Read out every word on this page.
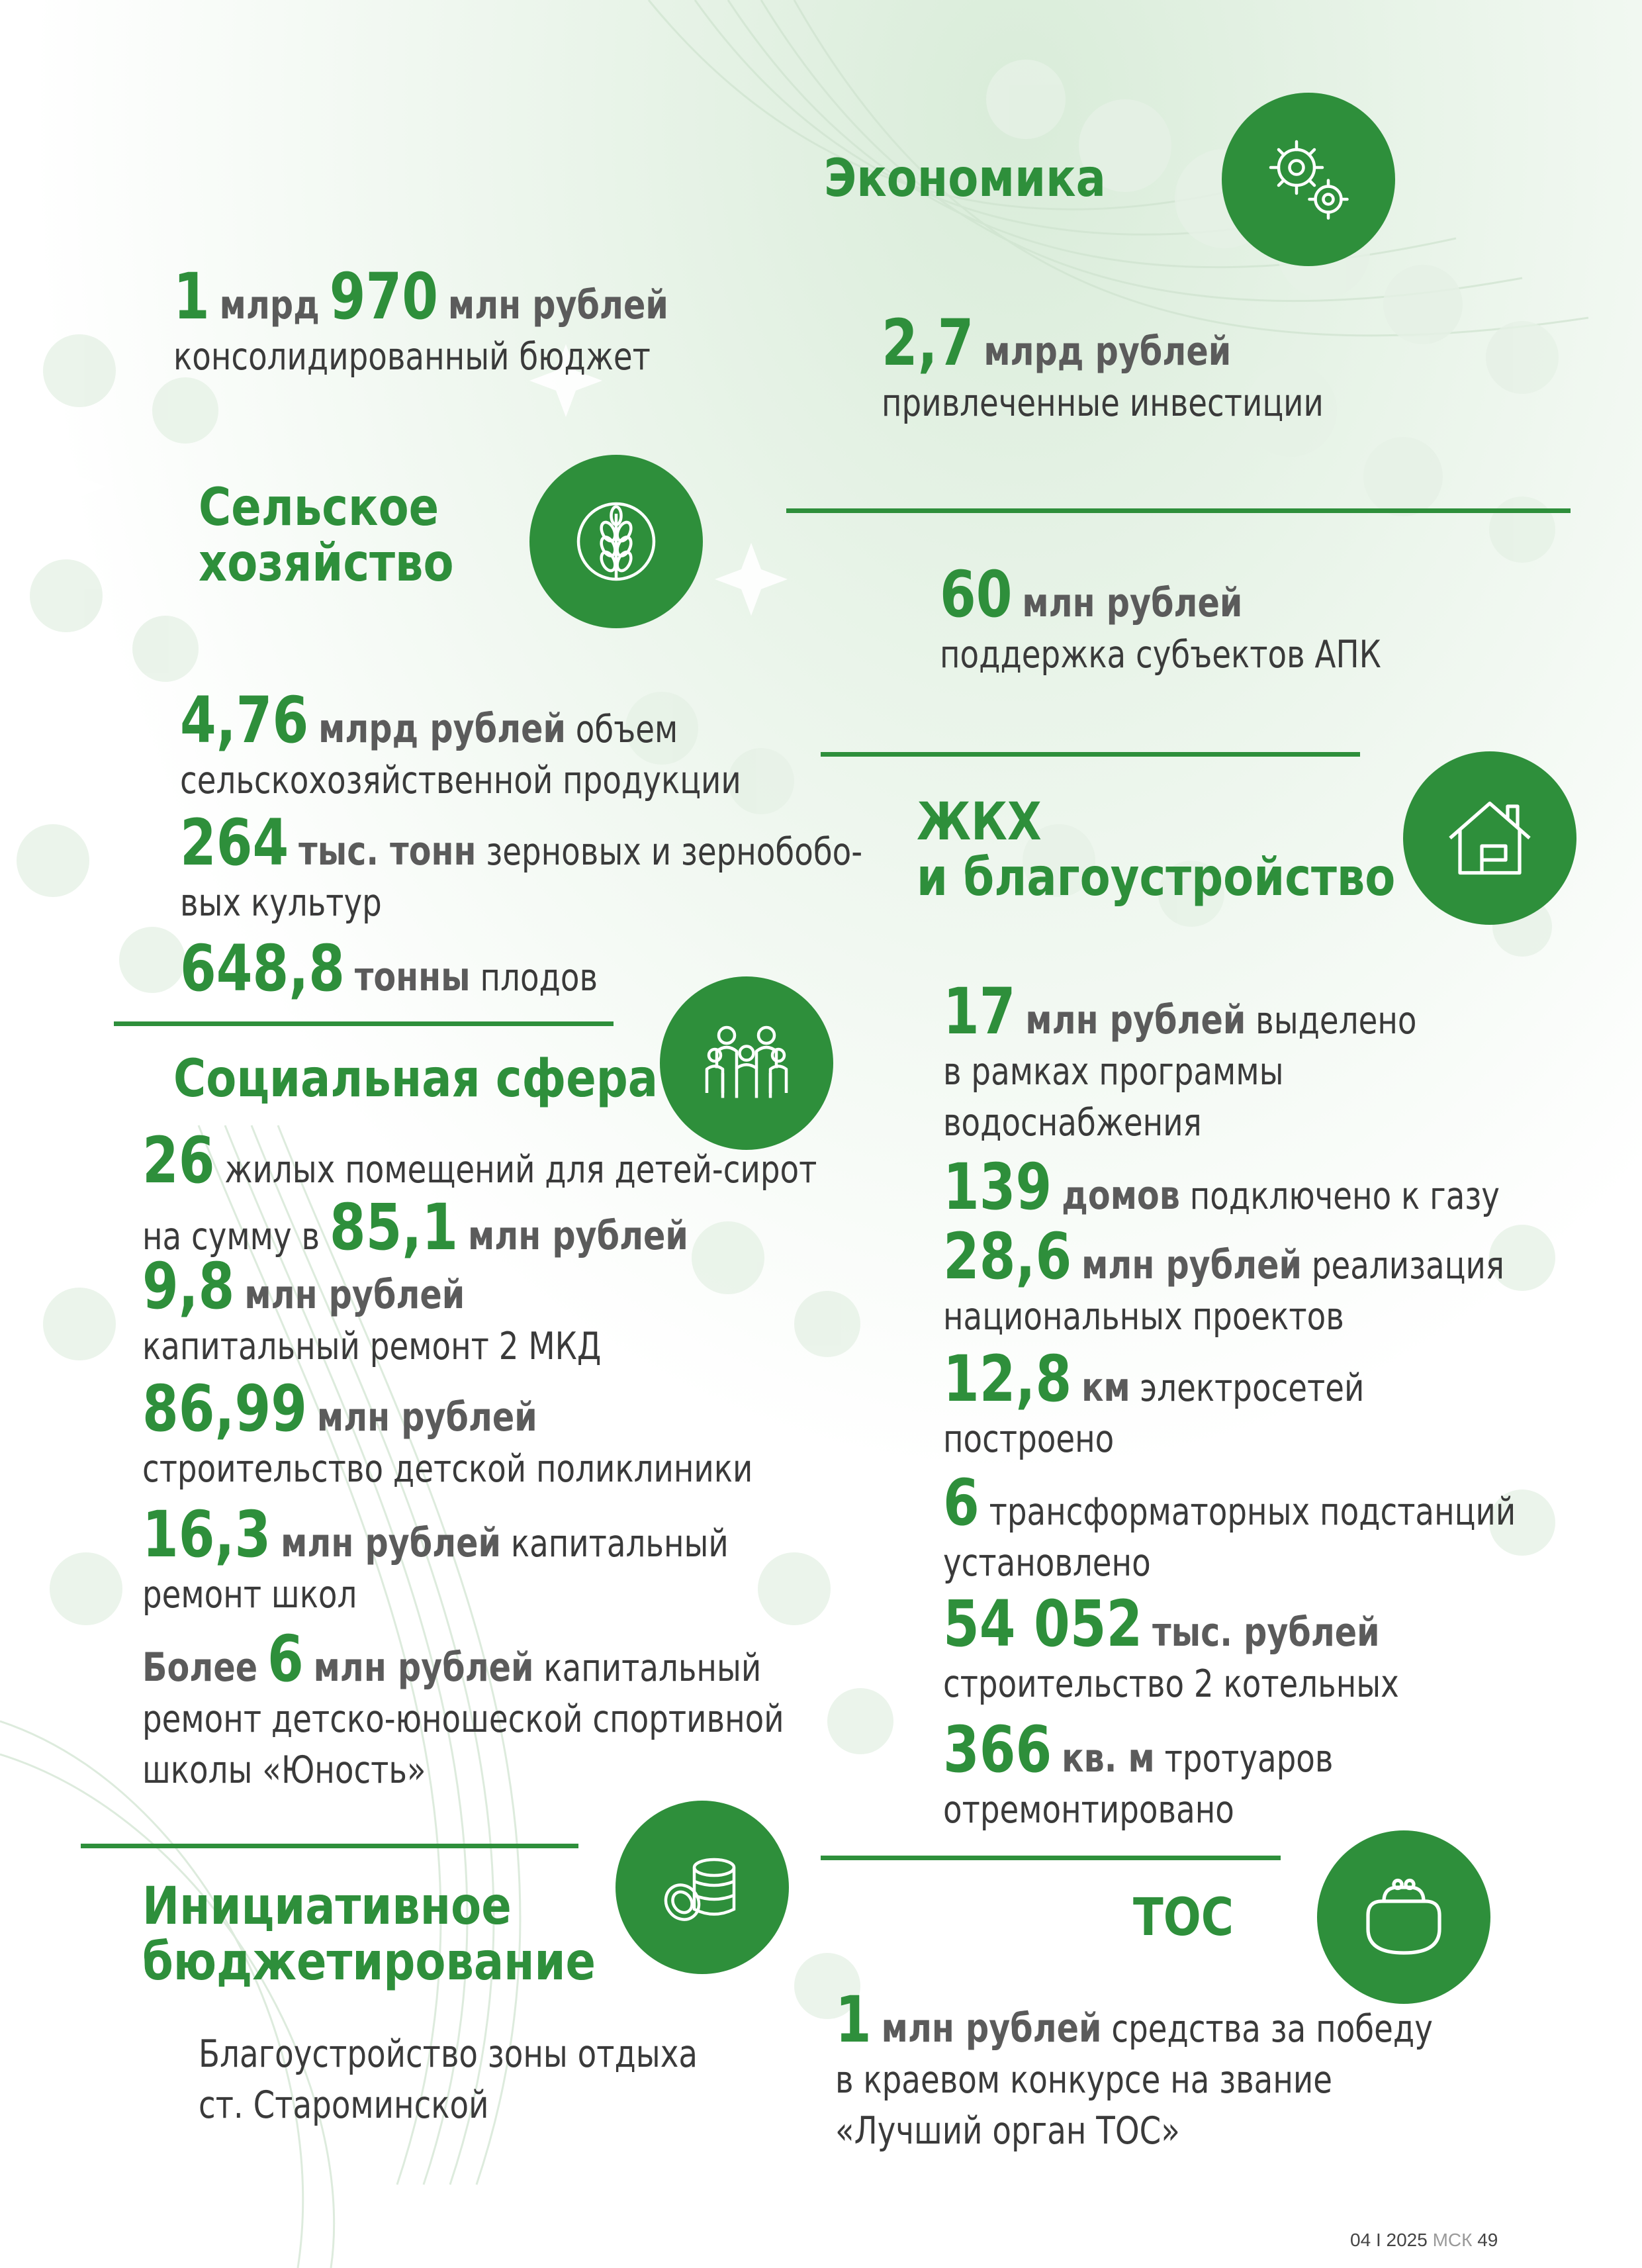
Экономика
1 млрд 970 млн рублей
консолидированный бюджет	2,7 млрд рублей
привлеченные инвестиции
Сельское
хозяйство	60 млн рублей
поддержка субъектов АПК
4,76 млрд рублей объем
сельскохозяйственной продукции
264 тыс. тонн зерновых и зернобобо-
вых культур
648,8 тонны плодов
ЖКХ
и благоустройство
17 млн рублей выделено
в рамках программы
водоснабжения
139 домов подключено к газу
28,6 млн рублей реализация
национальных проектов
12,8 км электросетей
построено
6 трансформаторных подстанций
установлено
54 052 тыс. рублей
строительство 2 котельных
366 кв. м тротуаров
отремонтировано
Социальная сфера
26 жилых помещений для детей-сирот
на сумму в 85,1 млн рублей
9,8 млн рублей
капитальный ремонт 2 МКД
86,99 млн рублей
строительство детской поликлиники
16,3 млн рублей капитальный
ремонт школ
Более 6 млн рублей капитальный
ремонт детско-юношеской спортивной
школы «Юность»
Инициативное
бюджетирование
Благоустройство зоны отдыха
ст. Староминской
ТОС
1 млн рублей средства за победу
в краевом конкурсе на звание
«Лучший орган ТОС»
04 I 2025 МСК 49
